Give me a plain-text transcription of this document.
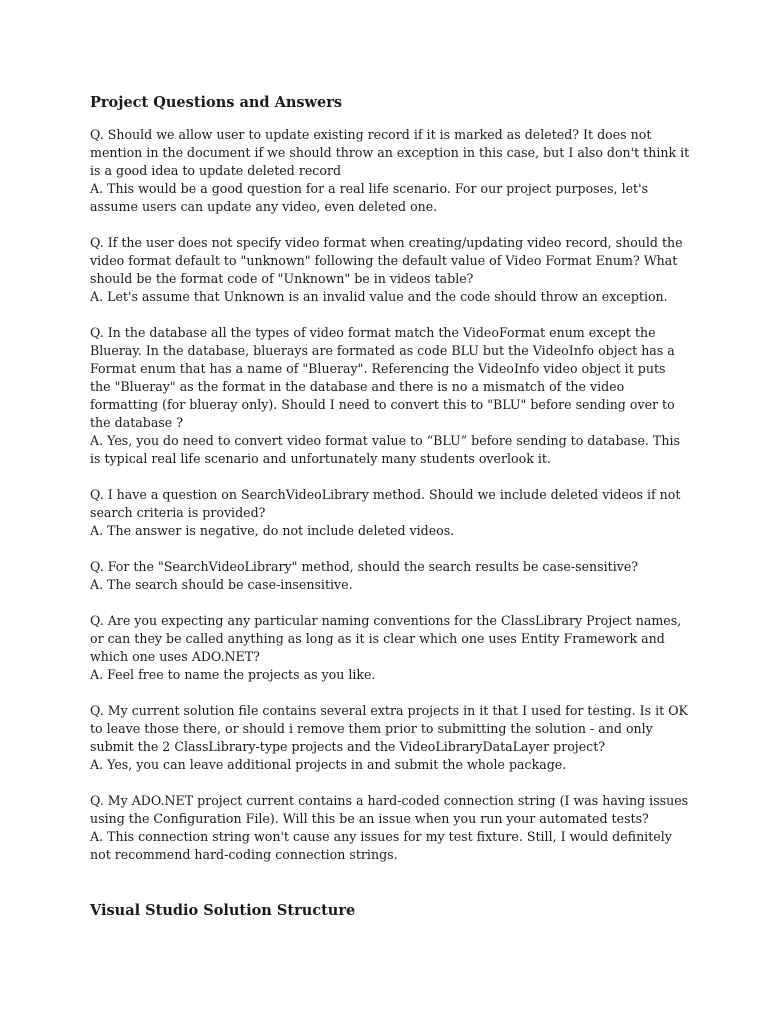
Project Questions and Answers

Q. Should we allow user to update existing record if it is marked as deleted? It does not mention in the document if we should throw an exception in this case, but I also don't think it is a good idea to update deleted record

A. This would be a good question for a real life scenario. For our project purposes, let's assume users can update any video, even deleted one.

Q. If the user does not specify video format when creating/updating video record, should the video format default to "unknown" following the default value of Video Format Enum? What should be the format code of "Unknown" be in videos table?

A. Let's assume that Unknown is an invalid value and the code should throw an exception.

Q. In the database all the types of video format match the VideoFormat enum except the Blueray. In the database, bluerays are formated as code BLU but the VideoInfo object has a Format enum that has a name of "Blueray". Referencing the VideoInfo video object it puts the "Blueray" as the format in the database and there is no a mismatch of the video formatting (for blueray only). Should I need to convert this to "BLU" before sending over to the database ?

A. Yes, you do need to convert video format value to “BLU” before sending to database. This is typical real life scenario and unfortunately many students overlook it.

Q. I have a question on SearchVideoLibrary method. Should we include deleted videos if not search criteria is provided?

A. The answer is negative, do not include deleted videos.

Q. For the "SearchVideoLibrary" method, should the search results be case-sensitive?

A. The search should be case-insensitive.

Q. Are you expecting any particular naming conventions for the ClassLibrary Project names, or can they be called anything as long as it is clear which one uses Entity Framework and which one uses ADO.NET?

A. Feel free to name the projects as you like.

Q. My current solution file contains several extra projects in it that I used for testing. Is it OK to leave those there, or should i remove them prior to submitting the solution - and only submit the 2 ClassLibrary-type projects and the VideoLibraryDataLayer project?

A. Yes, you can leave additional projects in and submit the whole package.

Q. My ADO.NET project current contains a hard-coded connection string (I was having issues using the Configuration File). Will this be an issue when you run your automated tests?

A. This connection string won't cause any issues for my test fixture. Still, I would definitely not recommend hard-coding connection strings.

Visual Studio Solution Structure
